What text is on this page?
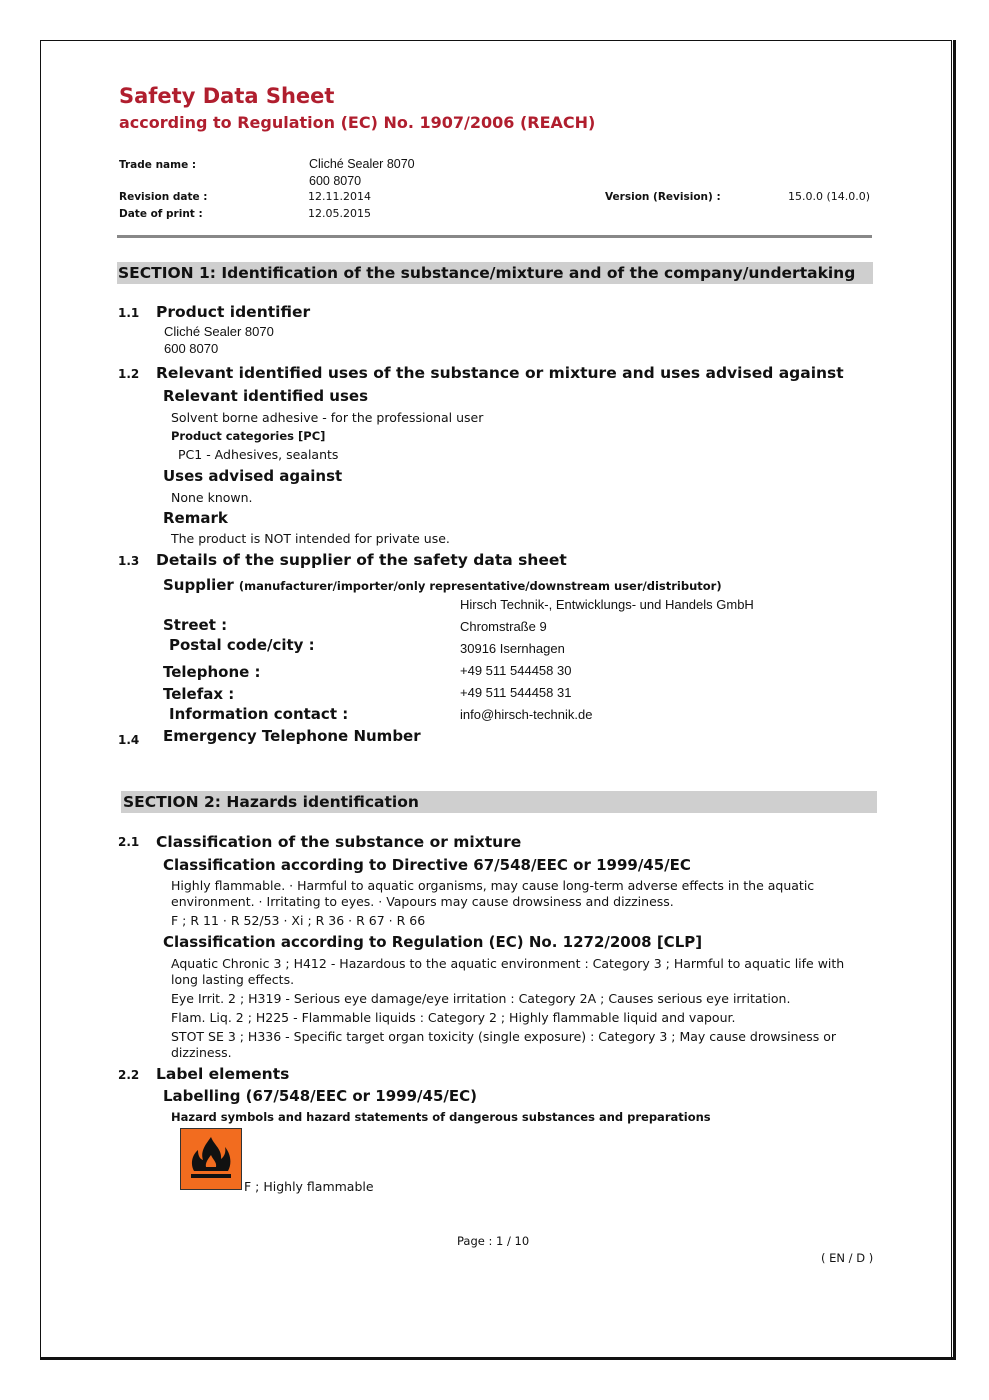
Safety Data Sheet
according to Regulation (EC) No. 1907/2006 (REACH)
Trade name :	Cliché Sealer 8070
600 8070
Revision date :	12.11.2014	Version (Revision) :	15.0.0 (14.0.0)
Date of print :	12.05.2015
SECTION 1: Identification of the substance/mixture and of the company/undertaking
1.1 Product identifier
Cliché Sealer 8070
600 8070
1.2 Relevant identified uses of the substance or mixture and uses advised against
Relevant identified uses
Solvent borne adhesive - for the professional user
Product categories [PC]
PC1 - Adhesives, sealants
Uses advised against
None known.
Remark
The product is NOT intended for private use.
1.3 Details of the supplier of the safety data sheet
Supplier (manufacturer/importer/only representative/downstream user/distributor)
Hirsch Technik-, Entwicklungs- und Handels GmbH
Street :	Chromstraße 9
Postal code/city :	30916 Isernhagen
Telephone :	+49 511 544458 30
Telefax :	+49 511 544458 31
Information contact :	info@hirsch-technik.de
1.4 Emergency Telephone Number
SECTION 2: Hazards identification
2.1 Classification of the substance or mixture
Classification according to Directive 67/548/EEC or 1999/45/EC
Highly flammable. · Harmful to aquatic organisms, may cause long-term adverse effects in the aquatic environment. · Irritating to eyes. · Vapours may cause drowsiness and dizziness.
F ; R 11 · R 52/53 · Xi ; R 36 · R 67 · R 66
Classification according to Regulation (EC) No. 1272/2008 [CLP]
Aquatic Chronic 3 ; H412 - Hazardous to the aquatic environment : Category 3 ; Harmful to aquatic life with long lasting effects.
Eye Irrit. 2 ; H319 - Serious eye damage/eye irritation : Category 2A ; Causes serious eye irritation.
Flam. Liq. 2 ; H225 - Flammable liquids : Category 2 ; Highly flammable liquid and vapour.
STOT SE 3 ; H336 - Specific target organ toxicity (single exposure) : Category 3 ; May cause drowsiness or dizziness.
2.2 Label elements
Labelling (67/548/EEC or 1999/45/EC)
Hazard symbols and hazard statements of dangerous substances and preparations
F ; Highly flammable
Page : 1 / 10
( EN / D )
